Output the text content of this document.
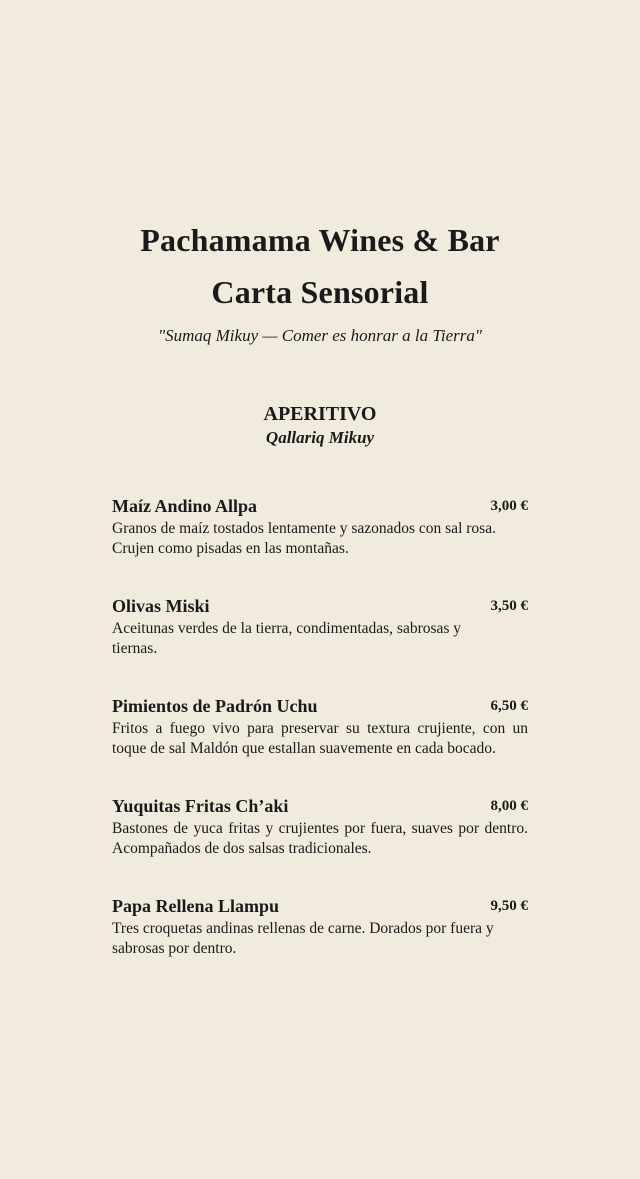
Pachamama Wines & Bar
Carta Sensorial
"Sumaq Mikuy — Comer es honrar a la Tierra"
APERITIVO
Qallariq Mikuy
Maíz Andino Allpa	3,00 €
Granos de maíz tostados lentamente y sazonados con sal rosa. Crujen como pisadas en las montañas.
Olivas Miski	3,50 €
Aceitunas verdes de la tierra, condimentadas, sabrosas y tiernas.
Pimientos de Padrón Uchu	6,50 €
Fritos a fuego vivo para preservar su textura crujiente, con un toque de sal Maldón que estallan suavemente en cada bocado.
Yuquitas Fritas Ch’aki	8,00 €
Bastones de yuca fritas y crujientes por fuera, suaves por dentro. Acompañados de dos salsas tradicionales.
Papa Rellena Llampu	9,50 €
Tres croquetas andinas rellenas de carne. Dorados por fuera y sabrosas por dentro.
